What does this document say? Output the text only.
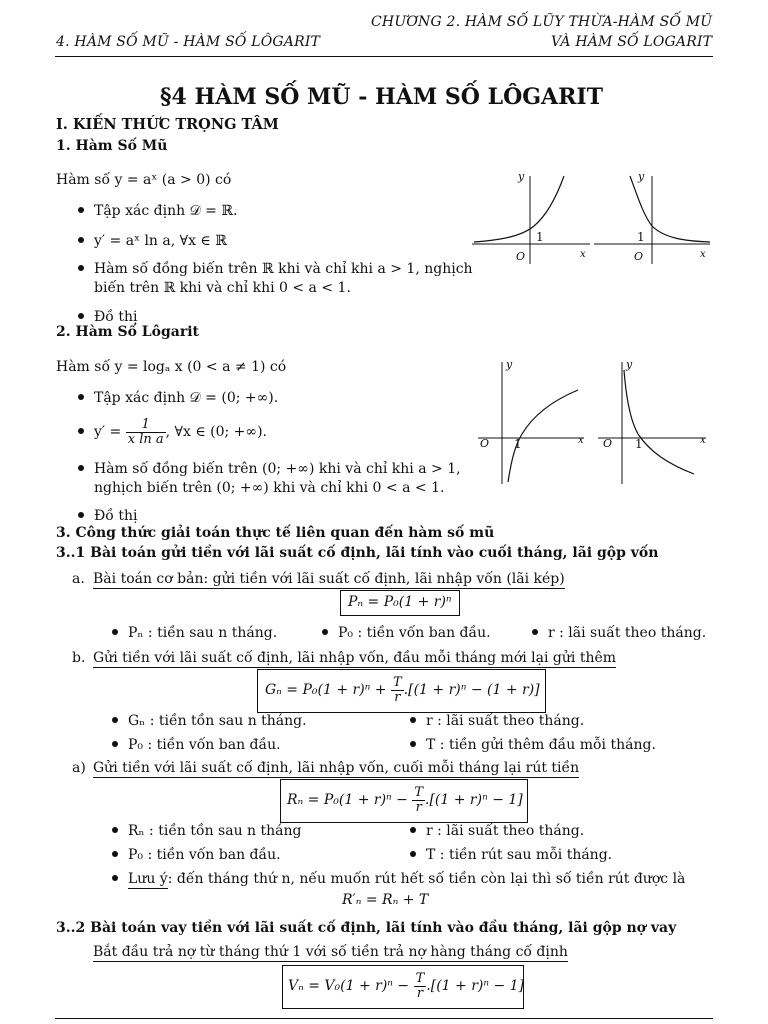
CHƯƠNG 2. HÀM SỐ LŨY THỪA-HÀM SỐ MŨ
4. HÀM SỐ MŨ - HÀM SỐ LÔGARIT	VÀ HÀM SỐ LOGARIT
§4 HÀM SỐ MŨ - HÀM SỐ LÔGARIT
I. KIẾN THỨC TRỌNG TÂM
1. Hàm Số Mũ
Hàm số y = aˣ (a > 0) có
Tập xác định 𝒟 = ℝ.
y′ = aˣ ln a, ∀x ∈ ℝ
Hàm số đồng biến trên ℝ khi và chỉ khi a > 1, nghịch
biến trên ℝ khi và chỉ khi 0 < a < 1.
Đồ thị
y
1
O	x
y
1
O	x
2. Hàm Số Lôgarit
Hàm số y = logₐ x (0 < a ≠ 1) có
Tập xác định 𝒟 = (0; +∞).
$y' = \frac{1}{\text{x ln a}}$ , ∀x ∈ (0; +∞).
Hàm số đồng biến trên (0; +∞) khi và chỉ khi a > 1,
nghịch biến trên (0; +∞) khi và chỉ khi 0 < a < 1.
Đồ thị
y
O 1	x
y
O 1	x
3. Công thức giải toán thực tế liên quan đến hàm số mũ
3..1 Bài toán gửi tiền với lãi suất cố định, lãi tính vào cuối tháng, lãi gộp vốn
a. Bài toán cơ bản: gửi tiền với lãi suất cố định, lãi nhập vốn (lãi kép)
Pₙ = P₀(1 + r)ⁿ
Pₙ : tiền sau n tháng.	P₀ : tiền vốn ban đầu.	r : lãi suất theo tháng.
b. Gửi tiền với lãi suất cố định, lãi nhập vốn, đầu mỗi tháng mới lại gửi thêm
$G_n = P_0(1 + r)^n + \frac{T}{r} .[(1 + r)^n - (1 + r)]$
Gₙ : tiền tồn sau n tháng.	r : lãi suất theo tháng.
P₀ : tiền vốn ban đầu.	T : tiền gửi thêm đầu mỗi tháng.
a) Gửi tiền với lãi suất cố định, lãi nhập vốn, cuối mỗi tháng lại rút tiền
$R_n = P_0(1 + r)^n - \frac{T}{r} .[(1 + r)^n - 1]$
Rₙ : tiền tồn sau n tháng	r : lãi suất theo tháng.
P₀ : tiền vốn ban đầu.	T : tiền rút sau mỗi tháng.
Lưu ý: đến tháng thứ n, nếu muốn rút hết số tiền còn lại thì số tiền rút được là
R′ₙ = Rₙ + T
3..2 Bài toán vay tiền với lãi suất cố định, lãi tính vào đầu tháng, lãi gộp nợ vay
Bắt đầu trả nợ từ tháng thứ 1 với số tiền trả nợ hàng tháng cố định
$V_n = V_0(1 + r)^n - \frac{T}{r} .[(1 + r)^n - 1]$
